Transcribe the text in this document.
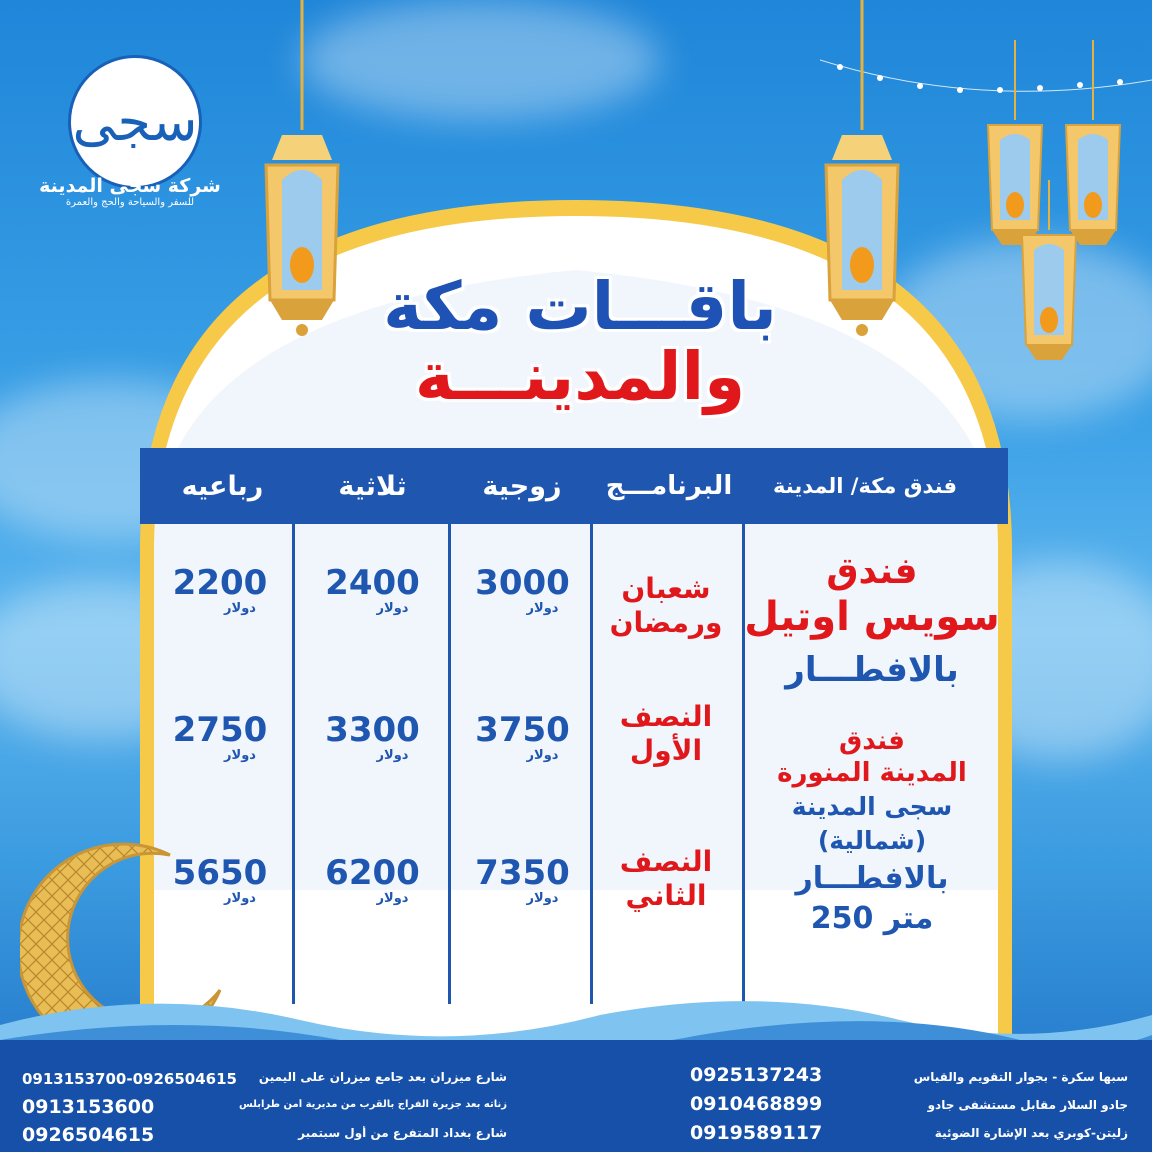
سجى
شركة سجى المدينة
للسفر والسياحة والحج والعمرة
باقـــات مكة
والمدينـــة
فندق مكة/ المدينة
البرنامـــج
زوجية
ثلاثية
رباعيه
شعبان ورمضان
3000
دولار
2400
دولار
2200
دولار
النصف الأول
3750
دولار
3300
دولار
2750
دولار
النصف الثاني
7350
دولار
6200
دولار
5650
دولار
فندق
سويس اوتيل
بالافطـــار
فندق
المدينة المنورة
سجى المدينة
(شمالية)
بالافطـــار
250 متر
0913153700-0926504615
0913153600
0926504615
شارع ميزران بعد جامع ميزران على اليمين
زناته بعد جزيرة الفراج بالقرب من مديرية أمن طرابلس
شارع بغداد المتفرع من أول سبتمبر
0925137243
0910468899
0919589117
سبها سكرة - بجوار التقويم والقياس
جادو السلار مقابل مستشفى جادو
زليتن-كوبري بعد الإشارة الضوئية
